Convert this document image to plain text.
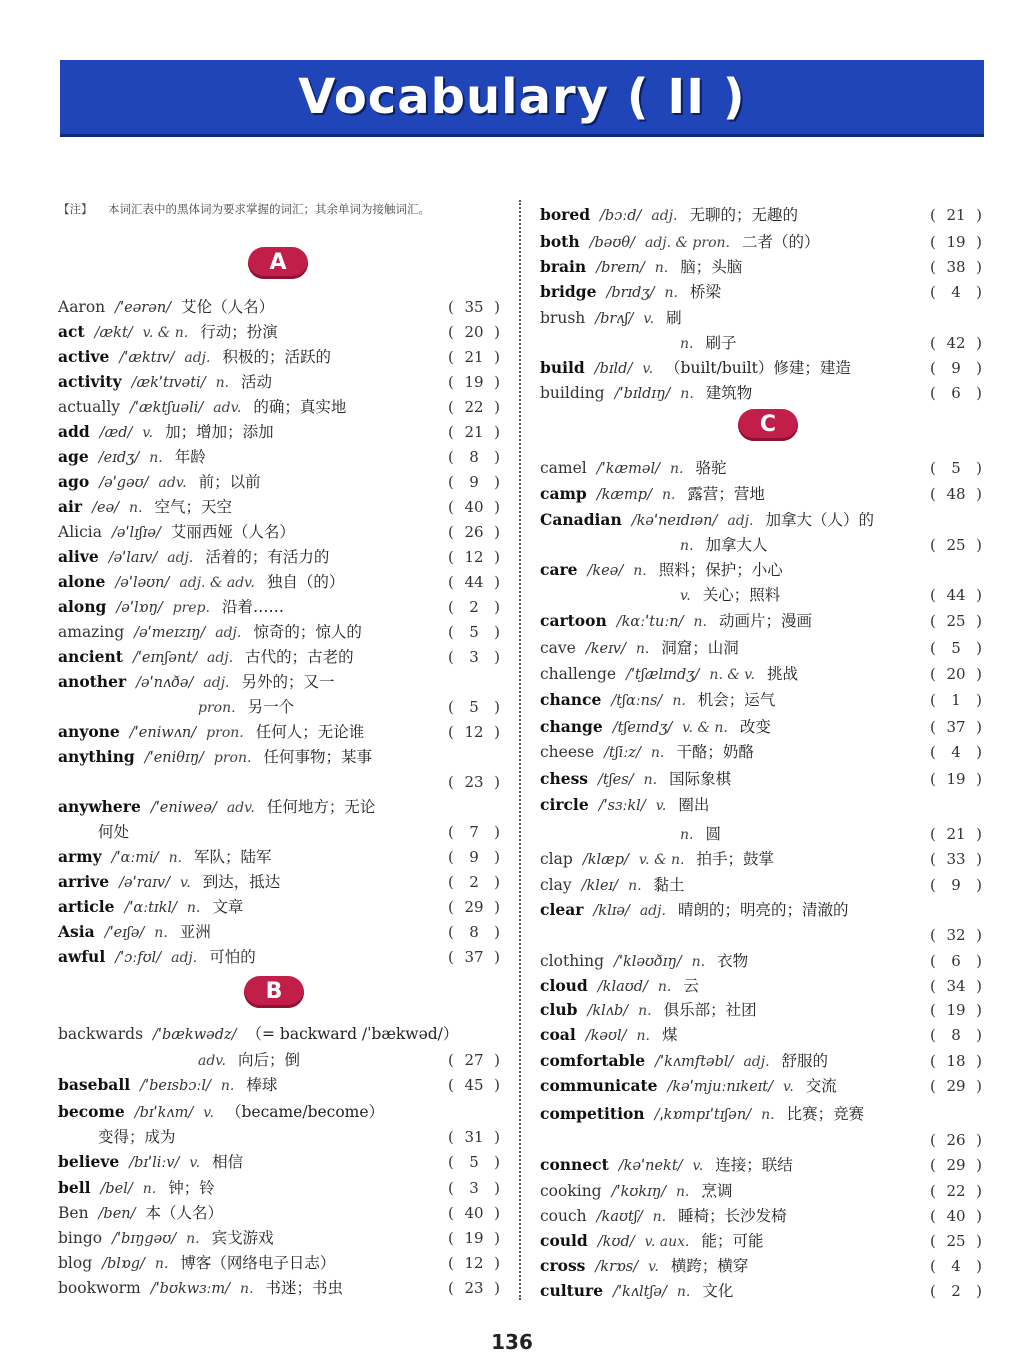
Vocabulary ( II )
【注】	本词汇表中的黑体词为要求掌握的词汇；其余单词为接触词汇。
A
B
Aaron /ˈeərən/ 艾伦（人名）	( 35 )
act /ækt/ v. & n. 行动；扮演	( 20 )
active /ˈæktɪv/ adj. 积极的；活跃的	( 21 )
activity /ækˈtɪvəti/ n. 活动	( 19 )
actually /ˈæktʃuəli/ adv. 的确；真实地	( 22 )
add /æd/ v. 加；增加；添加	( 21 )
age /eɪdʒ/ n. 年龄	( 8 )
ago /əˈgəʊ/ adv. 前；以前	( 9 )
air /eə/ n. 空气；天空	( 40 )
Alicia /əˈlɪʃɪə/ 艾丽西娅（人名）	( 26 )
alive /əˈlaɪv/ adj. 活着的；有活力的	( 12 )
alone /əˈləʊn/ adj. & adv. 独自（的）	( 44 )
along /əˈlɒŋ/ prep. 沿着……	( 2 )
amazing /əˈmeɪzɪŋ/ adj. 惊奇的；惊人的	( 5 )
ancient /ˈeɪnʃənt/ adj. 古代的；古老的	( 3 )
another /əˈnʌðə/ adj. 另外的；又一
pron. 另一个	( 5 )
anyone /ˈeniwʌn/ pron. 任何人；无论谁	( 12 )
anything /ˈeniθɪŋ/ pron. 任何事物；某事
( 23 )
anywhere /ˈeniweə/ adv. 任何地方；无论
何处	( 7 )
army /ˈɑːmi/ n. 军队；陆军	( 9 )
arrive /əˈraɪv/ v. 到达，抵达	( 2 )
article /ˈɑːtɪkl/ n. 文章	( 29 )
Asia /ˈeɪʃə/ n. 亚洲	( 8 )
awful /ˈɔːfʊl/ adj. 可怕的	( 37 )
backwards /ˈbækwədz/ （= backward /ˈbækwəd/）
adv. 向后；倒	( 27 )
baseball /ˈbeɪsbɔːl/ n. 棒球	( 45 )
become /bɪˈkʌm/ v. （became/become）
变得；成为	( 31 )
believe /bɪˈliːv/ v. 相信	( 5 )
bell /bel/ n. 钟；铃	( 3 )
Ben /ben/ 本（人名）	( 40 )
bingo /ˈbɪŋgəʊ/ n. 宾戈游戏	( 19 )
blog /blɒg/ n. 博客（网络电子日志）	( 12 )
bookworm /ˈbʊkwɜːm/ n. 书迷；书虫	( 23 )
C
bored /bɔːd/ adj. 无聊的；无趣的	( 21 )
both /bəʊθ/ adj. & pron. 二者（的）	( 19 )
brain /breɪn/ n. 脑；头脑	( 38 )
bridge /brɪdʒ/ n. 桥梁	( 4 )
brush /brʌʃ/ v. 刷
n. 刷子	( 42 )
build /bɪld/ v. （built/built）修建；建造	( 9 )
building /ˈbɪldɪŋ/ n. 建筑物	( 6 )
camel /ˈkæməl/ n. 骆驼	( 5 )
camp /kæmp/ n. 露营；营地	( 48 )
Canadian /kəˈneɪdɪən/ adj. 加拿大（人）的
n. 加拿大人	( 25 )
care /keə/ n. 照料；保护；小心
v. 关心；照料	( 44 )
cartoon /kɑːˈtuːn/ n. 动画片；漫画	( 25 )
cave /keɪv/ n. 洞窟；山洞	( 5 )
challenge /ˈtʃælɪndʒ/ n. & v. 挑战	( 20 )
chance /tʃɑːns/ n. 机会；运气	( 1 )
change /tʃeɪndʒ/ v. & n. 改变	( 37 )
cheese /tʃiːz/ n. 干酪；奶酪	( 4 )
chess /tʃes/ n. 国际象棋	( 19 )
circle /ˈsɜːkl/ v. 圈出
n. 圆	( 21 )
clap /klæp/ v. & n. 拍手；鼓掌	( 33 )
clay /kleɪ/ n. 黏土	( 9 )
clear /klɪə/ adj. 晴朗的；明亮的；清澈的
( 32 )
clothing /ˈkləʊðɪŋ/ n. 衣物	( 6 )
cloud /klaʊd/ n. 云	( 34 )
club /klʌb/ n. 俱乐部；社团	( 19 )
coal /kəʊl/ n. 煤	( 8 )
comfortable /ˈkʌmftəbl/ adj. 舒服的	( 18 )
communicate /kəˈmjuːnɪkeɪt/ v. 交流	( 29 )
competition /ˌkɒmpɪˈtɪʃən/ n. 比赛；竞赛
( 26 )
connect /kəˈnekt/ v. 连接；联结	( 29 )
cooking /ˈkʊkɪŋ/ n. 烹调	( 22 )
couch /kaʊtʃ/ n. 睡椅；长沙发椅	( 40 )
could /kʊd/ v. aux. 能；可能	( 25 )
cross /krɒs/ v. 横跨；横穿	( 4 )
culture /ˈkʌltʃə/ n. 文化	( 2 )
136
